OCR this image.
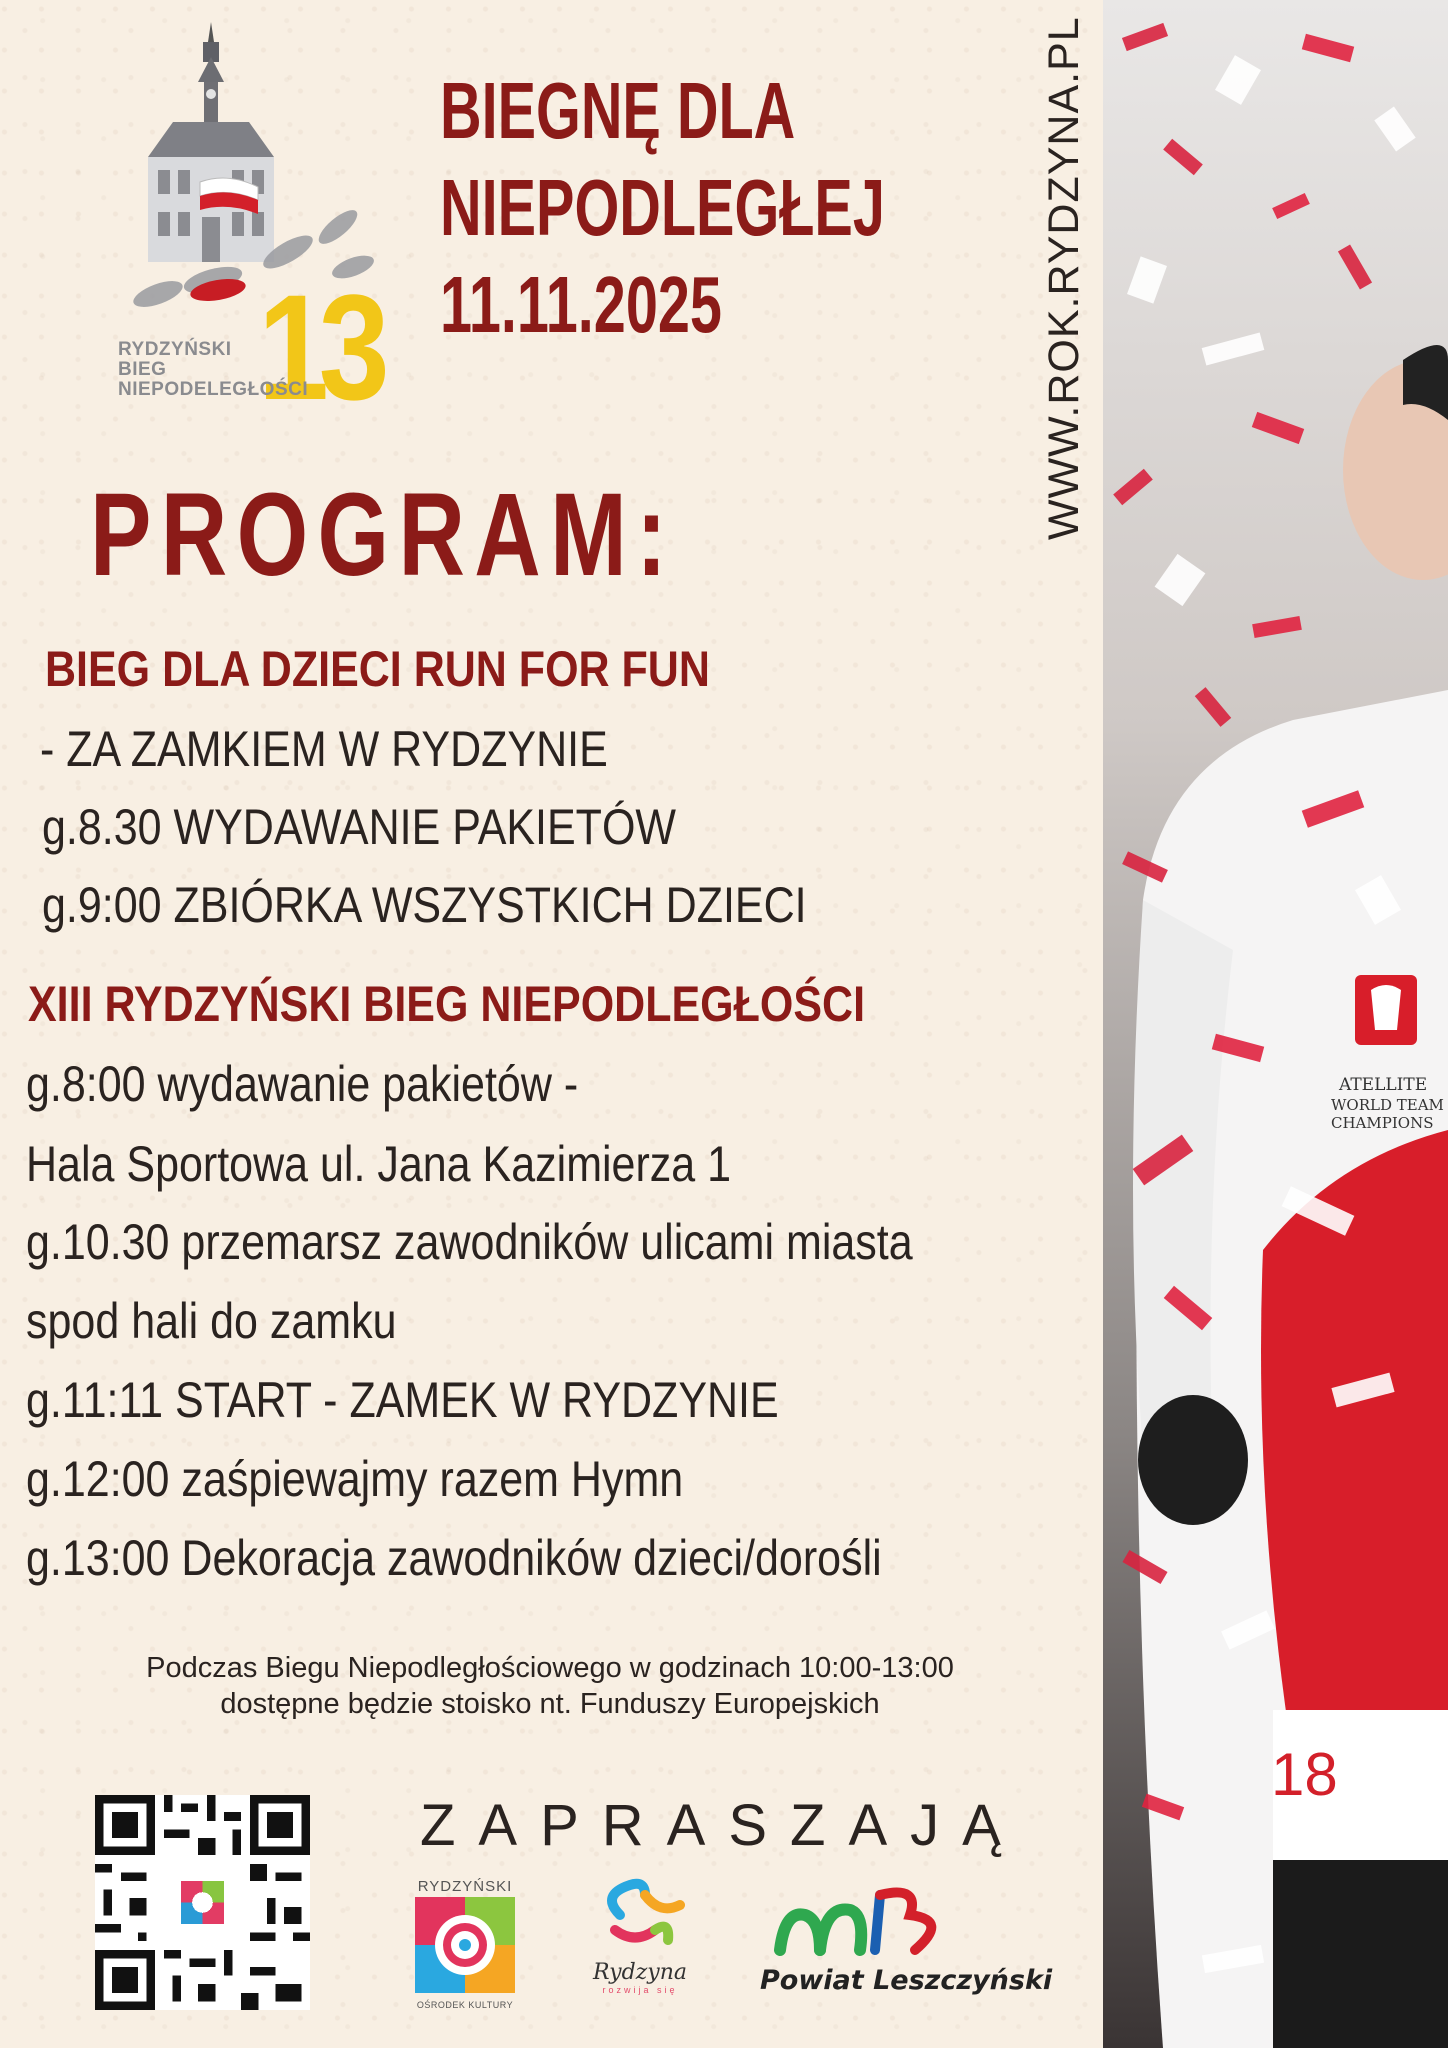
13
RYDZYŃSKI
BIEG
NIEPODELEGŁOŚCI
BIEGNĘ DLA
NIEPODLEGŁEJ
11.11.2025	WWW.ROK.RYDZYNA.PL
PROGRAM:
BIEG DLA DZIECI RUN FOR FUN
- ZA ZAMKIEM W RYDZYNIE
g.8.30 WYDAWANIE PAKIETÓW
g.9:00 ZBIÓRKA WSZYSTKICH DZIECI
XIII RYDZYŃSKI BIEG NIEPODLEGŁOŚCI
g.8:00 wydawanie pakietów -
Hala Sportowa ul. Jana Kazimierza 1
g.10.30 przemarsz zawodników ulicami miasta
spod hali do zamku
g.11:11 START - ZAMEK W RYDZYNIE
g.12:00 zaśpiewajmy razem Hymn
g.13:00 Dekoracja zawodników dzieci/dorośli
Podczas Biegu Niepodległościowego w godzinach 10:00-13:00
dostępne będzie stoisko nt. Funduszy Europejskich
ZAPRASZAJĄ
RYDZYŃSKI
OŚRODEK KULTURY
Rydzyna
rozwija się	Powiat Leszczyński
18
ATELLITE
WORLD TEAM
CHAMPIONS
